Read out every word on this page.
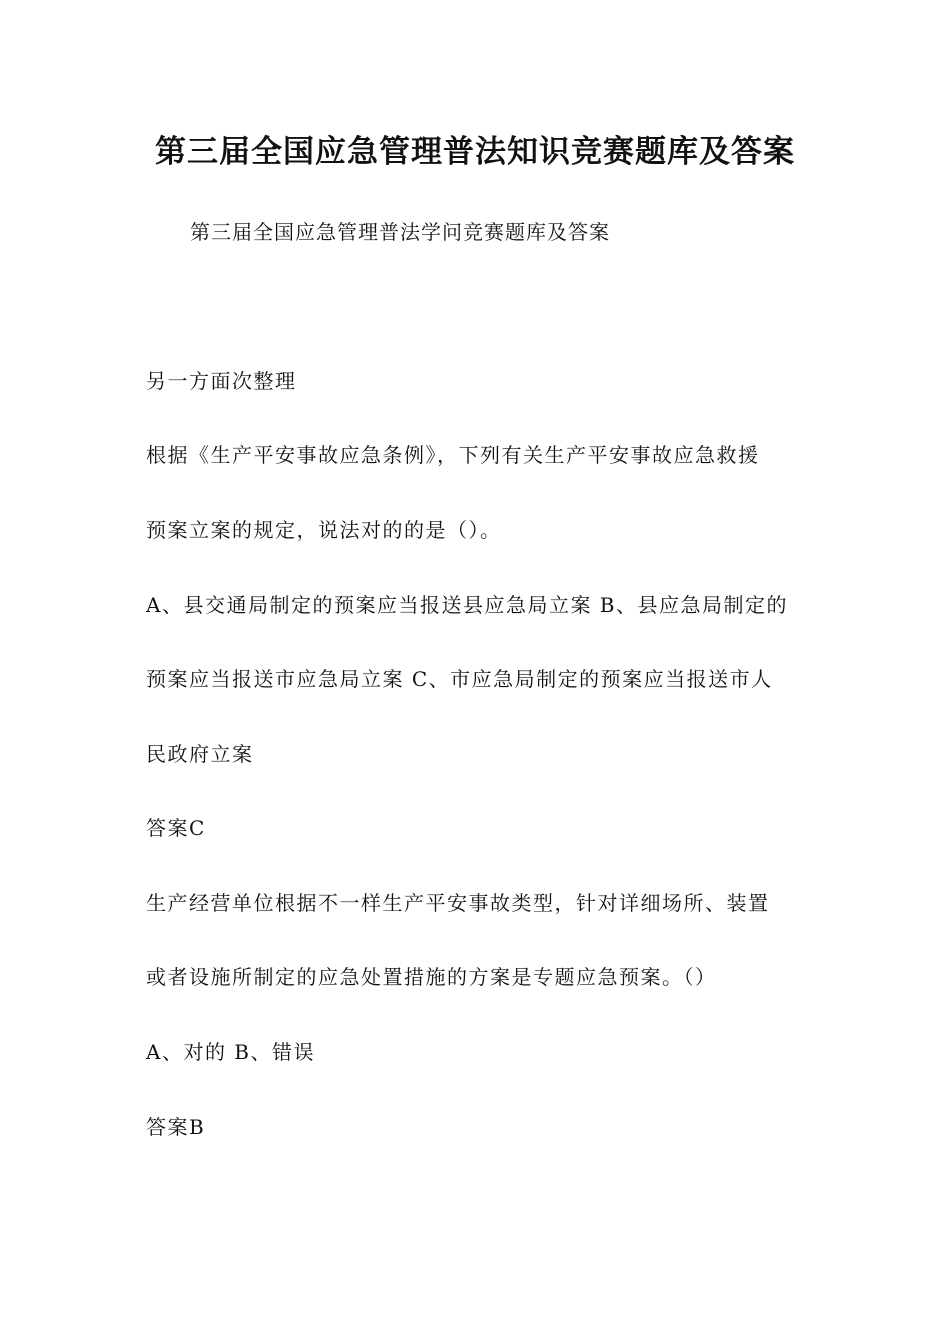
第三届全国应急管理普法知识竞赛题库及答案
第三届全国应急管理普法学问竞赛题库及答案
另一方面次整理
根据《生产平安事故应急条例》，下列有关生产平安事故应急救援
预案立案的规定，说法对的的是（）。
A、县交通局制定的预案应当报送县应急局立案 B、县应急局制定的
预案应当报送市应急局立案 C、市应急局制定的预案应当报送市人
民政府立案
答案C
生产经营单位根据不一样生产平安事故类型，针对详细场所、装置
或者设施所制定的应急处置措施的方案是专题应急预案。（）
A、对的 B、错误
答案B
